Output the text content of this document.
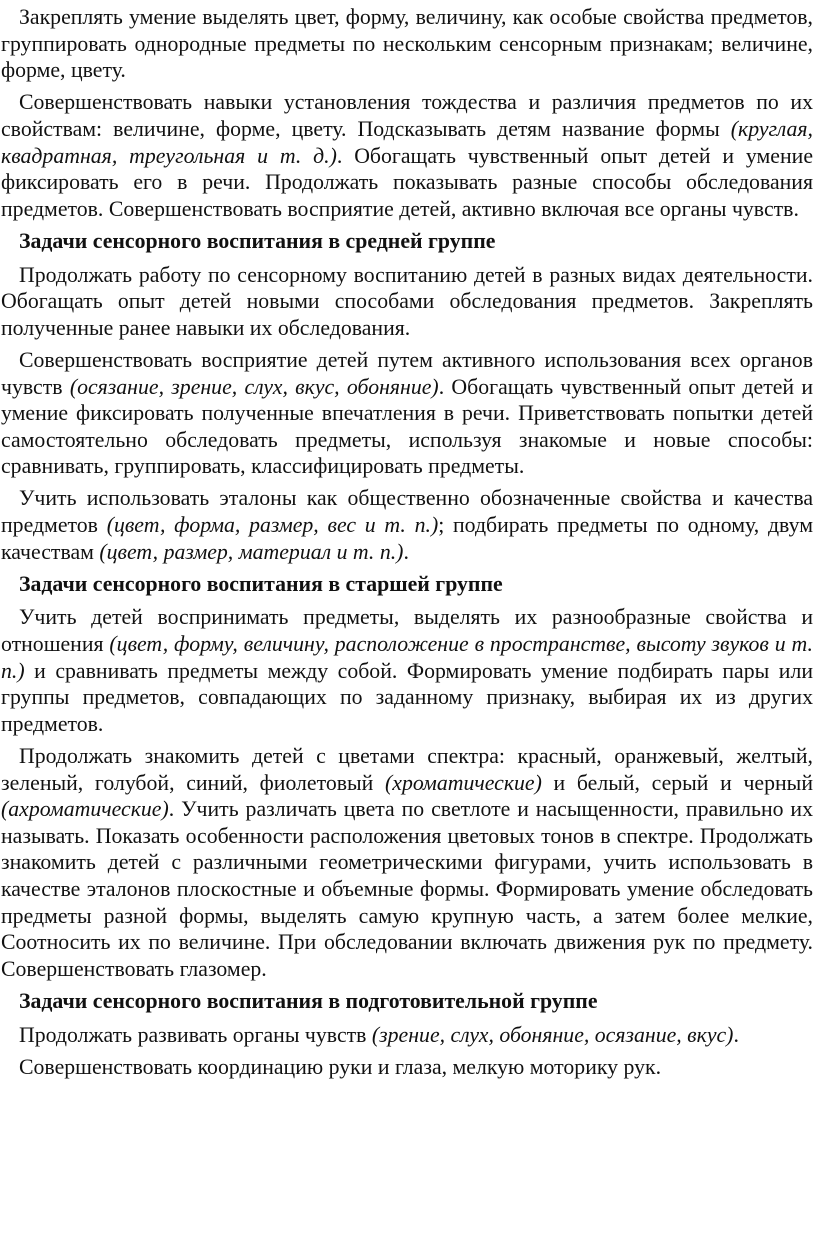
Закреплять умение выделять цвет, форму, величину, как особые свойства предметов, группировать однородные предметы по нескольким сенсорным признакам; величине, форме, цвету.

Совершенствовать навыки установления тождества и различия предметов по их свойствам: величине, форме, цвету. Подсказывать детям название формы (круглая, квадратная, треугольная и т. д.). Обогащать чувственный опыт детей и умение фиксировать его в речи. Продолжать показывать разные способы обследования предметов. Совершенствовать восприятие детей, активно включая все органы чувств.

Задачи сенсорного воспитания в средней группе

Продолжать работу по сенсорному воспитанию детей в разных видах деятельности. Обогащать опыт детей новыми способами обследования предметов. Закреплять полученные ранее навыки их обследования.

Совершенствовать восприятие детей путем активного использования всех органов чувств (осязание, зрение, слух, вкус, обоняние). Обогащать чувственный опыт детей и умение фиксировать полученные впечатления в речи. Приветствовать попытки детей самостоятельно обследовать предметы, используя знакомые и новые способы: сравнивать, группировать, классифицировать предметы.

Учить использовать эталоны как общественно обозначенные свойства и качества предметов (цвет, форма, размер, вес и т. п.); подбирать предметы по одному, двум качествам (цвет, размер, материал и т. п.).

Задачи сенсорного воспитания в старшей группе

Учить детей воспринимать предметы, выделять их разнообразные свойства и отношения (цвет, форму, величину, расположение в пространстве, высоту звуков и т. п.) и сравнивать предметы между собой. Формировать умение подбирать пары или группы предметов, совпадающих по заданному признаку, выбирая их из других предметов.

Продолжать знакомить детей с цветами спектра: красный, оранжевый, желтый, зеленый, голубой, синий, фиолетовый (хроматические) и белый, серый и черный (ахроматические). Учить различать цвета по светлоте и насыщенности, правильно их называть. Показать особенности расположения цветовых тонов в спектре. Продолжать знакомить детей с различными геометрическими фигурами, учить использовать в качестве эталонов плоскостные и объемные формы. Формировать умение обследовать предметы разной формы, выделять самую крупную часть, а затем более мелкие, Соотносить их по величине. При обследовании включать движения рук по предмету. Совершенствовать глазомер.

Задачи сенсорного воспитания в подготовительной группе

Продолжать развивать органы чувств (зрение, слух, обоняние, осязание, вкус).

Совершенствовать координацию руки и глаза, мелкую моторику рук.
